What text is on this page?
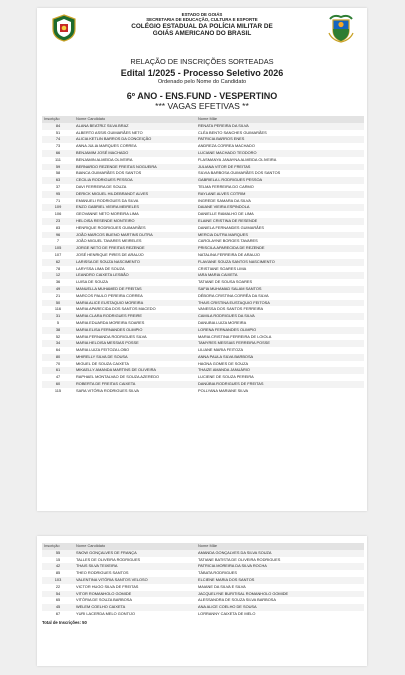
ESTADO DE GOIÁS
SECRETARIA DE EDUCAÇÃO, CULTURA E ESPORTE
COLÉGIO ESTADUAL DA POLÍCIA MILITAR DE
GOIÁS AMERICANO DO BRASIL
RELAÇÃO DE INSCRIÇÕES SORTEADAS
Edital 1/2025 - Processo Seletivo 2026
Ordenado pelo Nome do Candidato
6º ANO - ENS.FUND - VESPERTINO
*** VAGAS EFETIVAS **
Inscrição	Nome Candidato	Nome Mãe
84	ALANA BEATRIZ SILVA BRAZ	RENATA PEREIRA DA SILVA
51	ALBERTO ASSIS GUIMARÃES NETO	CLÉA BENTO SANCHES GUIMARÃES
74	ALICIA KETLIN BARROS DA CONCEIÇÃO	PATRICIA BARROS ENES
73	ANNA JULIA MARQUES CORREA	ANDREZA CORREA MACHADO
66	BENJAMIM JOSÉ MACHADO	LUCIANE MACHADO TEODORO
111	BENJAMIN ALMEIDA OLIVEIRA	FLASMANYA JANAYNA ALMEIDA OLIVEIRA
59	BERNARDO REZENDE FREITAS NOGUEIRA	JULIANA VITOR DE FREITAS
58	BIANCA GUIMARÃES DOS SANTOS	SILVIA BARBOSA GUIMARÃES DOS SANTOS
63	CECILIA RODRIGUES PESSOA	GABRIELA L RODRIGUES PESSOA
37	DAVI FERREIRA DE SOUZA	TELMA FERREIRA DO CARMO
95	DERICK MIGUEL HILDEBRANDT ALVES	RAYLANE ALVES COTRIM
71	EMANUELI RODRIGUES DA SILVA	INGREDE SAMARA DA SILVA
109	ENZO GABRIEL VIEIRA MEIRELES	DAIANE VIEIRA ESPINDOLA
106	GEOVANNE NETO MOREIRA LIMA	DANIELLE RAMALHO DE LIMA
23	HELOISA RESENDE MONTEIRO	ELAINE CRISTINA DE RESENDE
83	HENRIQUE RODRIGUES GUIMARÃES	DANIELA FERNANDES GUIMARÃES
96	JOÃO MARCOS BUENO MARTINS DUTRA	MERCIA DUTRA MARQUES
7	JOÃO MIGUEL TAVARES MEIRELES	CAROLAYNE BORGES TAVARES
105	JORGE NETO DE FREITAS REZENDE	PRISCILA APARECIDA DE REZENDE
107	JOSÉ HENRIQUE PIRES DE ARAUJO	NATALINA FERREIRA DE ARAUJO
62	LARISSA DE SOUZA NASCIMENTO	FLAVIANE SOUZA SANTOS NASCIMENTO
78	LARYSSA LIMA DE SOUZA	CRISTIANE SOARES LIMA
12	LEANDRO CAIXETA LESBÃO	IARA MARIA CAIXETA
36	LUISA DE SOUZA	TATIANE DE SOUSA SOARES
49	MANUELLA MUHAMED DE FREITAS	SAFIA MUHAMAD SALAM SANTOS
21	MARCOS PAULO PEREIRA CORREA	DÉBORA CRISTINA CORRÊA DA SILVA
50	MARIA ALICE EUSTAQUIO MOREIRA	THAIS CRISTINA EUSTAQUIO FEITOSA
116	MARIA APARECIDA DOS SANTOS MACEDO	VANESSA DOS SANTOS FERREIRA
31	MARIA CLARA RODRIGUES FREIRE	CAMILA RODRIGUES DA SILVA
5	MARIA EDUARDA MOREIRA SOARES	DANUBIA LUIZA MOREIRA
38	MARIA ELISA FERNANDES OLIMPIO	LORENA FERNANDES OLIMPIO
52	MARIA FERNANDA RODRIGUES SILVA	MARIA CRISTINA FERREIRA DE LOIOLA
34	MARIA HELOISA MESSIAS POSSE	TAMYRES MESSIAS FERREIRA POSSE
64	MARIA LUIZA FEITOZA LOBO	LILIANE MARIA FEITOZA
80	MHIRELLY SILVA DE SOUSA	ANNA PAULA SILVA BARBOSA
70	MIGUEL DE SOUZA CAIXETA	HAGNA GOMES DE SOUZA
61	MIKAELLY AMANDA MARTINS DE OLIVEIRA	THAIZE AMANDA JANUÁRIO
47	RAPHAEL MONTALVAO DE SOUZA AZEREDO	LUCIENE DE SOUZA PEREIRA
60	ROBERTA DE FREITAS CAIXETA	DANÚBIA RODRIGUES DE FREITAS
115	SARA VITÓRIA RODRIGUES SILVA	POLLYANA MARIANE SILVA
Inscrição	Nome Candidato	Nome Mãe
55	SNOW GONÇALVES DE FRANÇA	AMANDA GONÇALVES DA SILVA SOUZA
15	TALLES DE OLIVEIRA RODRIGUES	TATIANE BATISTA DE OLIVEIRA RODRIGUES
42	THAIS SILVA TEIXEIRA	PATRICIA MOREIRA DA SILVA ROCHA
85	THEO RODRIGUES SANTOS	TÁBATA RODRIGUES
103	VALENTINA VITÓRIA SANTOS VELOSO	ELCIENE MARIA DOS SANTOS
22	VICTOR HUGO SILVA DE FREITAS	MAIANE DA SILVA E SILVA
54	VITOR ROMANHOLO GOMIDE	JACQUELYNE BURITISAL ROMANHOLO GOMIDE
65	VITÓRIA DE SOUZA BARBOSA	ALESSANDRA DE SOUZA SILVA BARBOSA
45	WELEM COELHO CAIXETA	ANA ALICE COELHO DE SOUSA
67	YURI LACERDA MELO GONTIJO	LORRANNY CAIXETA DE MELO
Total de Inscrições: 50
